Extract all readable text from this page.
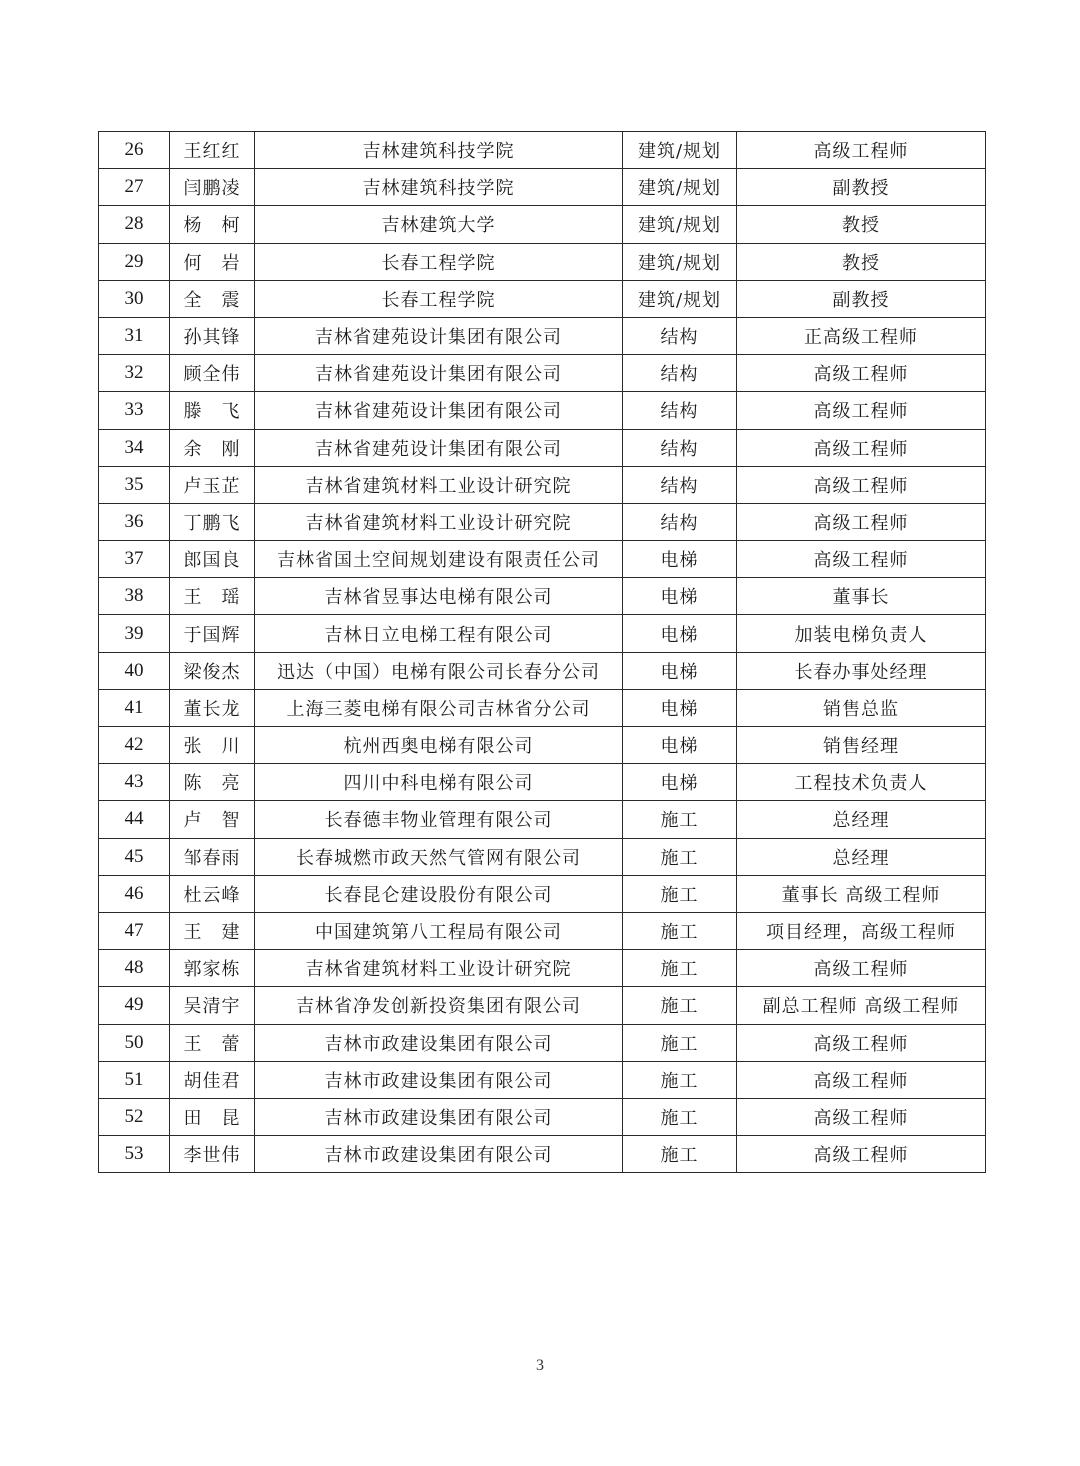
26	王红红	吉林建筑科技学院	建筑/规划	高级工程师
27	闫鹏凌	吉林建筑科技学院	建筑/规划	副教授
28	杨　柯	吉林建筑大学	建筑/规划	教授
29	何　岩	长春工程学院	建筑/规划	教授
30	全　震	长春工程学院	建筑/规划	副教授
31	孙其锋	吉林省建苑设计集团有限公司	结构	正高级工程师
32	顾全伟	吉林省建苑设计集团有限公司	结构	高级工程师
33	滕　飞	吉林省建苑设计集团有限公司	结构	高级工程师
34	余　刚	吉林省建苑设计集团有限公司	结构	高级工程师
35	卢玉芷	吉林省建筑材料工业设计研究院	结构	高级工程师
36	丁鹏飞	吉林省建筑材料工业设计研究院	结构	高级工程师
37	郎国良	吉林省国土空间规划建设有限责任公司	电梯	高级工程师
38	王　瑶	吉林省昱事达电梯有限公司	电梯	董事长
39	于国辉	吉林日立电梯工程有限公司	电梯	加装电梯负责人
40	梁俊杰	迅达（中国）电梯有限公司长春分公司	电梯	长春办事处经理
41	董长龙	上海三菱电梯有限公司吉林省分公司	电梯	销售总监
42	张　川	杭州西奥电梯有限公司	电梯	销售经理
43	陈　亮	四川中科电梯有限公司	电梯	工程技术负责人
44	卢　智	长春德丰物业管理有限公司	施工	总经理
45	邹春雨	长春城燃市政天然气管网有限公司	施工	总经理
46	杜云峰	长春昆仑建设股份有限公司	施工	董事长 高级工程师
47	王　建	中国建筑第八工程局有限公司	施工	项目经理，高级工程师
48	郭家栋	吉林省建筑材料工业设计研究院	施工	高级工程师
49	吴清宇	吉林省净发创新投资集团有限公司	施工	副总工程师 高级工程师
50	王　蕾	吉林市政建设集团有限公司	施工	高级工程师
51	胡佳君	吉林市政建设集团有限公司	施工	高级工程师
52	田　昆	吉林市政建设集团有限公司	施工	高级工程师
53	李世伟	吉林市政建设集团有限公司	施工	高级工程师
3
